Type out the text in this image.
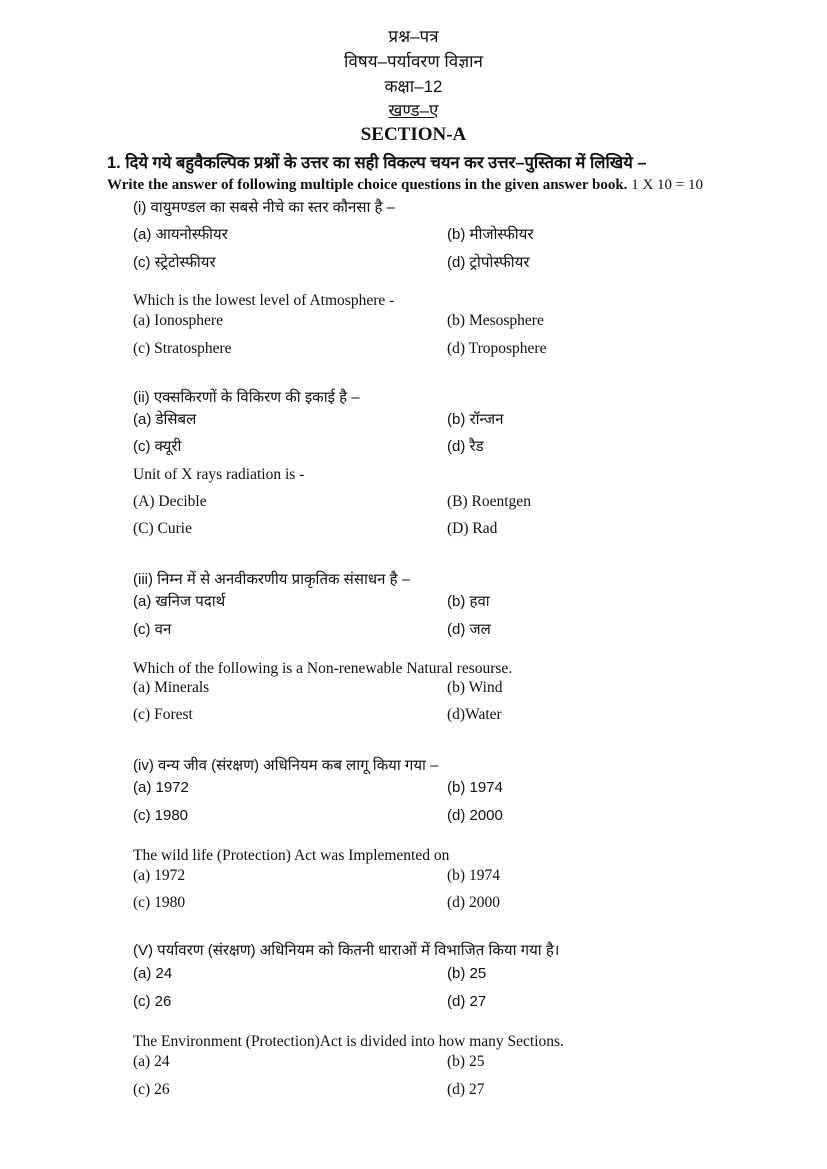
प्रश्न–पत्र
विषय–पर्यावरण विज्ञान
कक्षा–12
खण्ड–ए
SECTION-A
1. दिये गये बहुवैकल्पिक प्रश्नों के उत्तर का सही विकल्प चयन कर उत्तर–पुस्तिका में लिखिये –
Write the answer of following multiple choice questions in the given answer book. 1 X 10 = 10
(i) वायुमण्डल का सबसे नीचे का स्तर कौनसा है –
(a) आयनोस्फीयर	(b) मीजोस्फीयर
(c) स्ट्रेटोस्फीयर	(d) ट्रोपोस्फीयर
Which is the lowest level of Atmosphere -
(a) Ionosphere	(b) Mesosphere
(c) Stratosphere	(d) Troposphere
(ii) एक्सकिरणों के विकिरण की इकाई है –
(a) डेसिबल	(b) रॉन्जन
(c) क्यूरी	(d) रैड
Unit of X rays radiation is -
(A) Decible	(B) Roentgen
(C) Curie	(D) Rad
(iii) निम्न में से अनवीकरणीय प्राकृतिक संसाधन है –
(a) खनिज पदार्थ	(b) हवा
(c) वन	(d) जल
Which of the following is a Non-renewable Natural resourse.
(a) Minerals	(b) Wind
(c) Forest	(d)Water
(iv) वन्य जीव (संरक्षण) अधिनियम कब लागू किया गया –
(a) 1972	(b) 1974
(c) 1980	(d) 2000
The wild life (Protection) Act was Implemented on
(a) 1972	(b) 1974
(c) 1980	(d) 2000
(V) पर्यावरण (संरक्षण) अधिनियम को कितनी धाराओं में विभाजित किया गया है।
(a) 24	(b) 25
(c) 26	(d) 27
The Environment (Protection)Act is divided into how many Sections.
(a) 24	(b) 25
(c) 26	(d) 27
